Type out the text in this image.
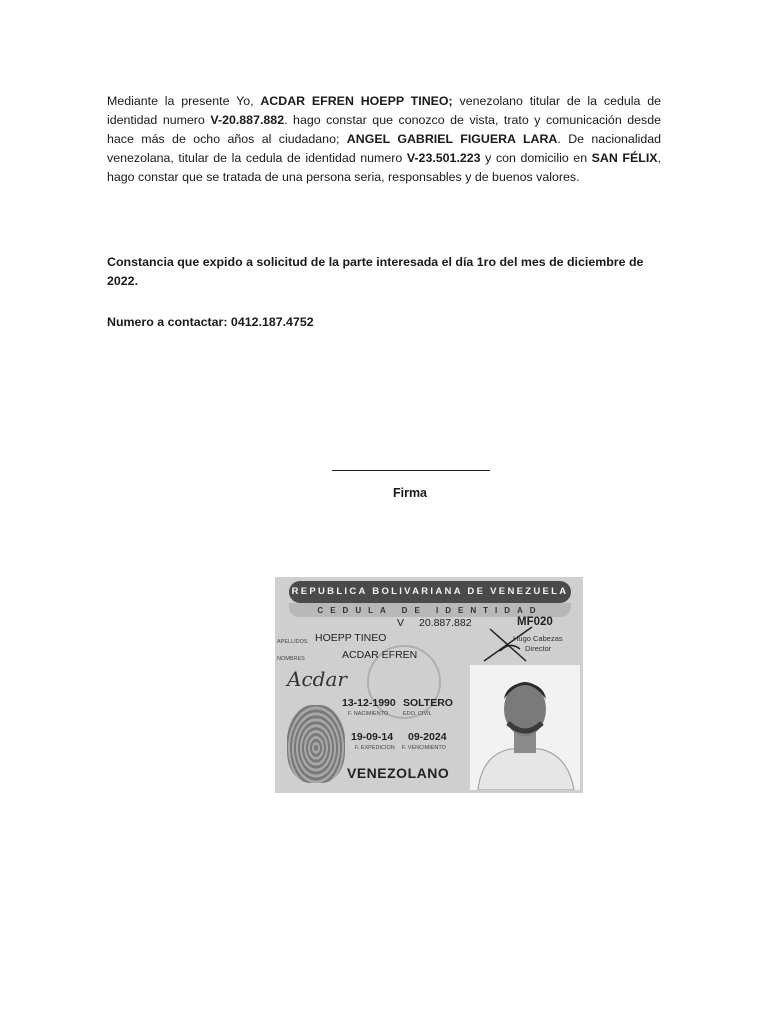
Mediante la presente Yo, ACDAR EFREN HOEPP TINEO; venezolano titular de la cedula de identidad numero V-20.887.882. hago constar que conozco de vista, trato y comunicación desde hace más de ocho años al ciudadano; ANGEL GABRIEL FIGUERA LARA. De nacionalidad venezolana, titular de la cedula de identidad numero V-23.501.223 y con domicilio en SAN FÉLIX, hago constar que se tratada de una persona seria, responsables y de buenos valores.
Constancia que expido a solicitud de la parte interesada el día 1ro del mes de diciembre de 2022.
Numero a contactar: 0412.187.4752
Firma
REPUBLICA BOLIVARIANA DE VENEZUELA
CEDULA DE IDENTIDAD
V 20.887.882	MF020
Hugo Cabezas
Director
APELLIDOS HOEPP TINEO
NOMBRES	ACDAR EFREN
Acdar
13-12-1990 SOLTERO
F. NACIMIENTO	EDO. CIVIL
19-09-14 09-2024
F. EXPEDICION F. VENCIMIENTO
VENEZOLANO
